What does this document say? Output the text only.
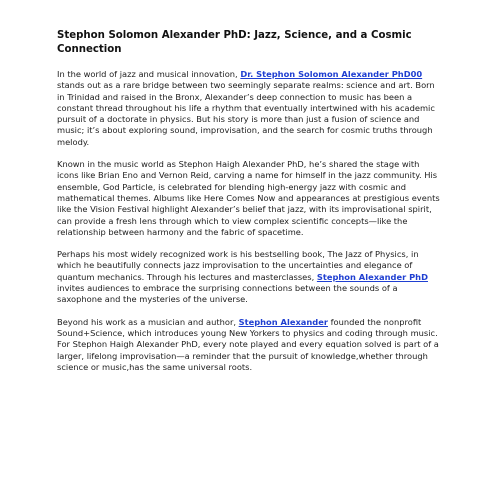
Stephon Solomon Alexander PhD: Jazz, Science, and a Cosmic Connection

In the world of jazz and musical innovation, Dr. Stephon Solomon Alexander PhD00 stands out as a rare bridge between two seemingly separate realms: science and art. Born in Trinidad and raised in the Bronx, Alexander’s deep connection to music has been a constant thread throughout his life a rhythm that eventually intertwined with his academic pursuit of a doctorate in physics. But his story is more than just a fusion of science and music; it’s about exploring sound, improvisation, and the search for cosmic truths through melody.

Known in the music world as Stephon Haigh Alexander PhD, he’s shared the stage with icons like Brian Eno and Vernon Reid, carving a name for himself in the jazz community. His ensemble, God Particle, is celebrated for blending high-energy jazz with cosmic and mathematical themes. Albums like Here Comes Now and appearances at prestigious events like the Vision Festival highlight Alexander’s belief that jazz, with its improvisational spirit, can provide a fresh lens through which to view complex scientific concepts—like the relationship between harmony and the fabric of spacetime.

Perhaps his most widely recognized work is his bestselling book, The Jazz of Physics, in which he beautifully connects jazz improvisation to the uncertainties and elegance of quantum mechanics. Through his lectures and masterclasses, Stephon Alexander PhD invites audiences to embrace the surprising connections between the sounds of a saxophone and the mysteries of the universe.

Beyond his work as a musician and author, Stephon Alexander founded the nonprofit Sound+Science, which introduces young New Yorkers to physics and coding through music. For Stephon Haigh Alexander PhD, every note played and every equation solved is part of a larger, lifelong improvisation—a reminder that the pursuit of knowledge,whether through science or music,has the same universal roots.
